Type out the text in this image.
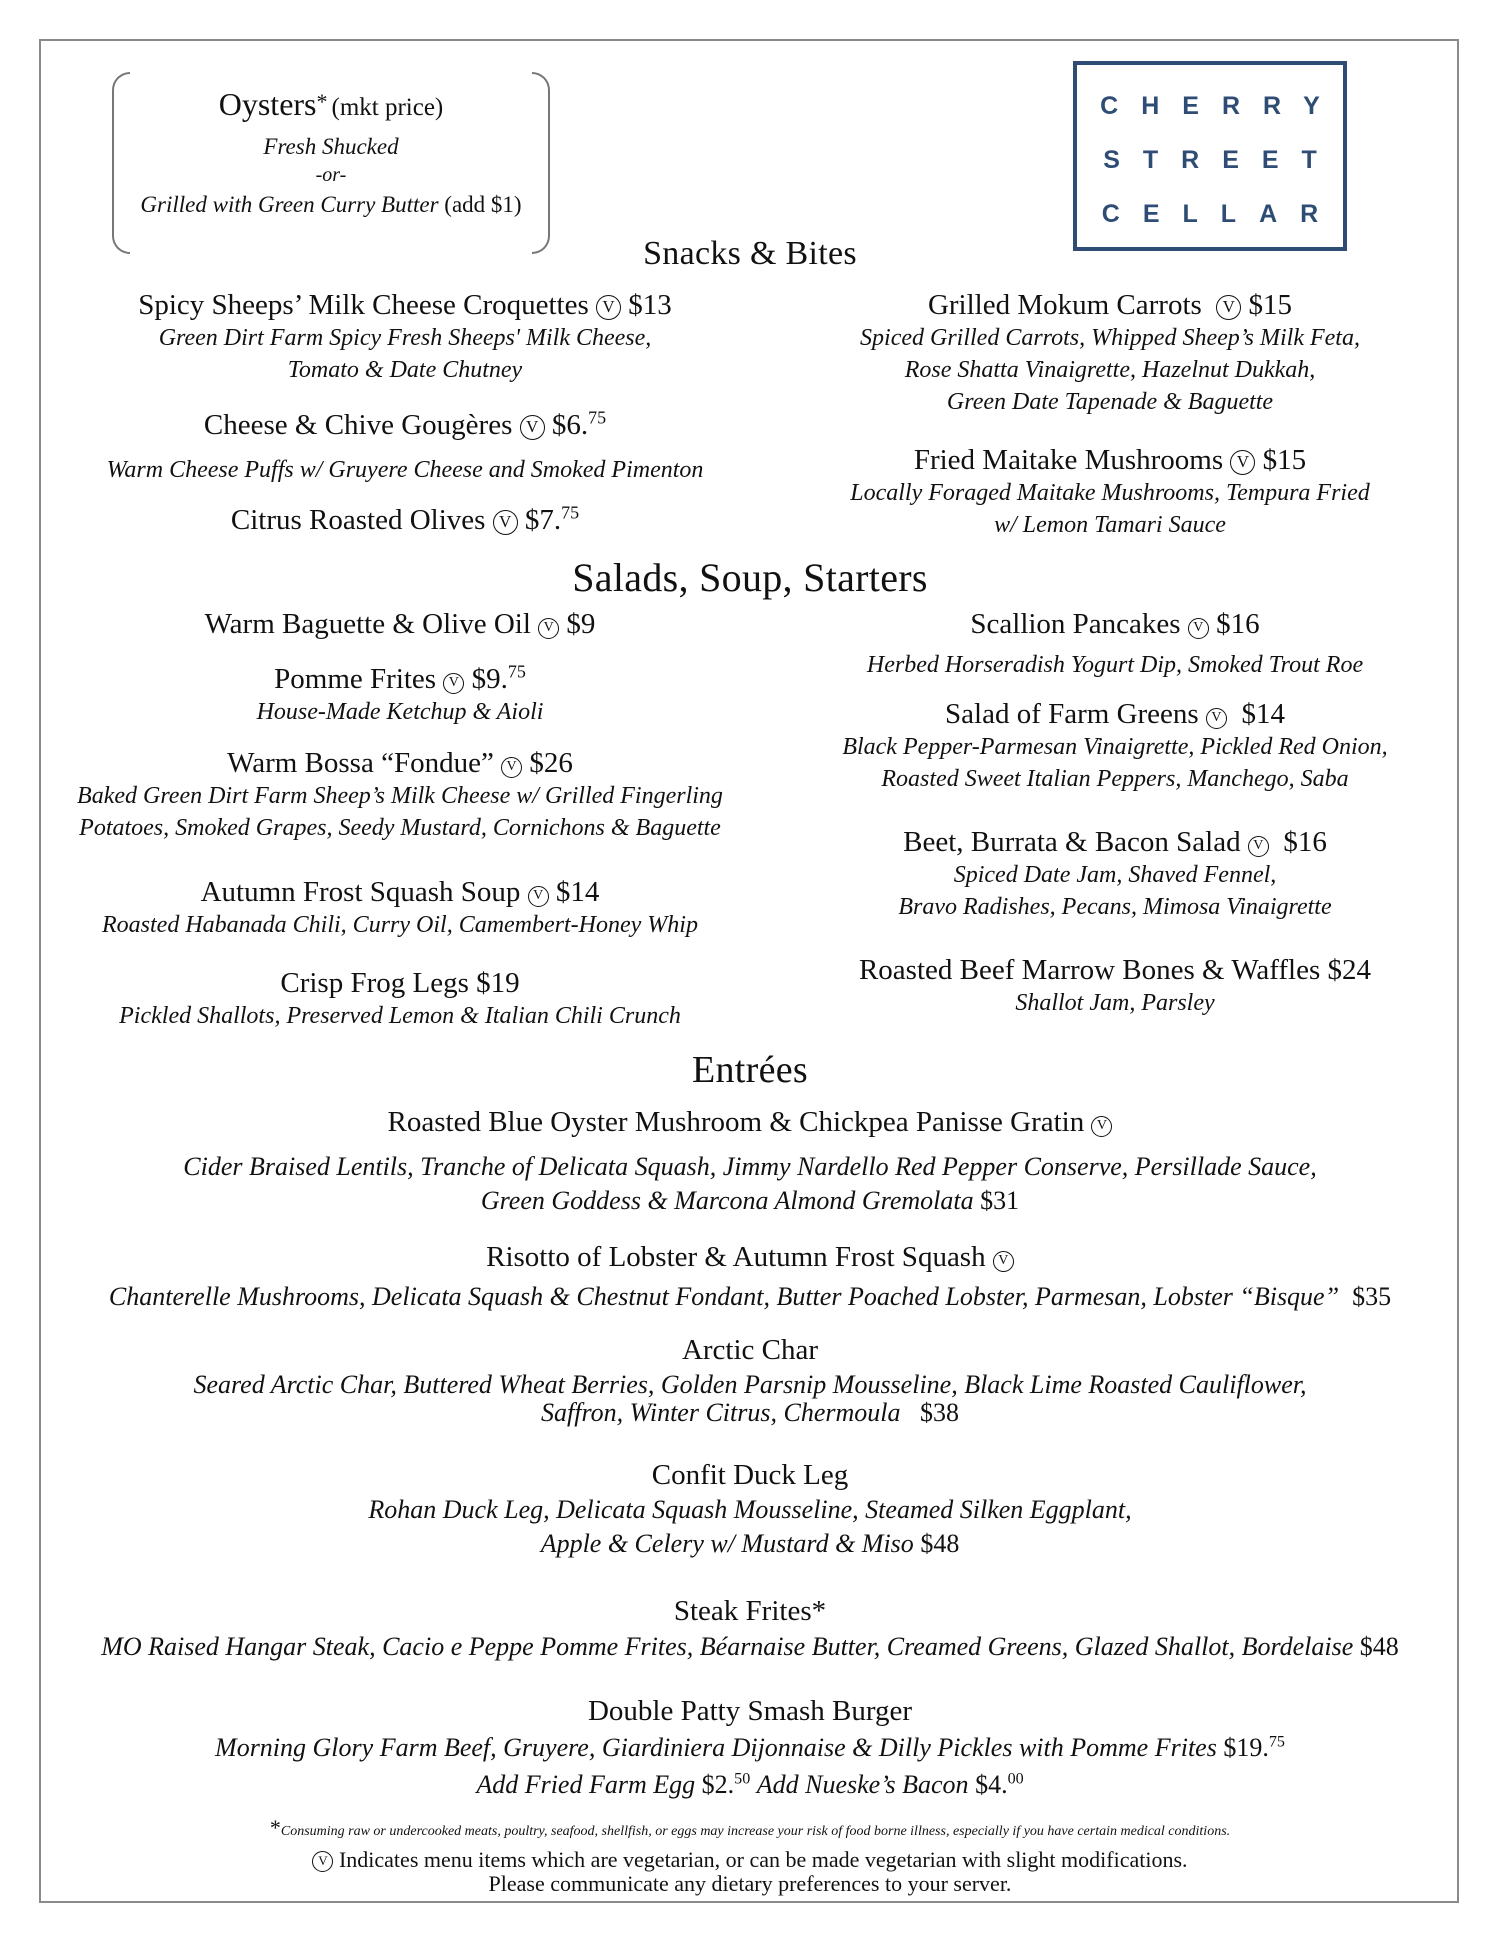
Oysters* (mkt price)
Fresh Shucked
-or-
Grilled with Green Curry Butter (add $1)
CHERRY
STREET
CELLAR
Snacks & Bites
Spicy Sheeps’ Milk Cheese Croquettes V $13
Green Dirt Farm Spicy Fresh Sheeps' Milk Cheese,
Tomato & Date Chutney
Cheese & Chive Gougères V $6.75
Warm Cheese Puffs w/ Gruyere Cheese and Smoked Pimenton
Citrus Roasted Olives V $7.75
Grilled Mokum Carrots V $15
Spiced Grilled Carrots, Whipped Sheep’s Milk Feta,
Rose Shatta Vinaigrette, Hazelnut Dukkah,
Green Date Tapenade & Baguette
Fried Maitake Mushrooms V $15
Locally Foraged Maitake Mushrooms, Tempura Fried
w/ Lemon Tamari Sauce
Salads, Soup, Starters
Warm Baguette & Olive Oil V $9
Pomme Frites V $9.75
House-Made Ketchup & Aioli
Warm Bossa “Fondue” V $26
Baked Green Dirt Farm Sheep’s Milk Cheese w/ Grilled Fingerling
Potatoes, Smoked Grapes, Seedy Mustard, Cornichons & Baguette
Autumn Frost Squash Soup V $14
Roasted Habanada Chili, Curry Oil, Camembert-Honey Whip
Crisp Frog Legs $19
Pickled Shallots, Preserved Lemon & Italian Chili Crunch
Scallion Pancakes V $16
Herbed Horseradish Yogurt Dip, Smoked Trout Roe
Salad of Farm Greens V $14
Black Pepper-Parmesan Vinaigrette, Pickled Red Onion,
Roasted Sweet Italian Peppers, Manchego, Saba
Beet, Burrata & Bacon Salad V $16
Spiced Date Jam, Shaved Fennel,
Bravo Radishes, Pecans, Mimosa Vinaigrette
Roasted Beef Marrow Bones & Waffles $24
Shallot Jam, Parsley
Entrées
Roasted Blue Oyster Mushroom & Chickpea Panisse Gratin V
Cider Braised Lentils, Tranche of Delicata Squash, Jimmy Nardello Red Pepper Conserve, Persillade Sauce,
Green Goddess & Marcona Almond Gremolata $31
Risotto of Lobster & Autumn Frost Squash V
Chanterelle Mushrooms, Delicata Squash & Chestnut Fondant, Butter Poached Lobster, Parmesan, Lobster “Bisque” $35
Arctic Char
Seared Arctic Char, Buttered Wheat Berries, Golden Parsnip Mousseline, Black Lime Roasted Cauliflower,
Saffron, Winter Citrus, Chermoula $38
Confit Duck Leg
Rohan Duck Leg, Delicata Squash Mousseline, Steamed Silken Eggplant,
Apple & Celery w/ Mustard & Miso $48
Steak Frites*
MO Raised Hangar Steak, Cacio e Peppe Pomme Frites, Béarnaise Butter, Creamed Greens, Glazed Shallot, Bordelaise $48
Double Patty Smash Burger
Morning Glory Farm Beef, Gruyere, Giardiniera Dijonnaise & Dilly Pickles with Pomme Frites $19.75
Add Fried Farm Egg $2.50 Add Nueske’s Bacon $4.00
*Consuming raw or undercooked meats, poultry, seafood, shellfish, or eggs may increase your risk of food borne illness, especially if you have certain medical conditions.
V Indicates menu items which are vegetarian, or can be made vegetarian with slight modifications.
Please communicate any dietary preferences to your server.
